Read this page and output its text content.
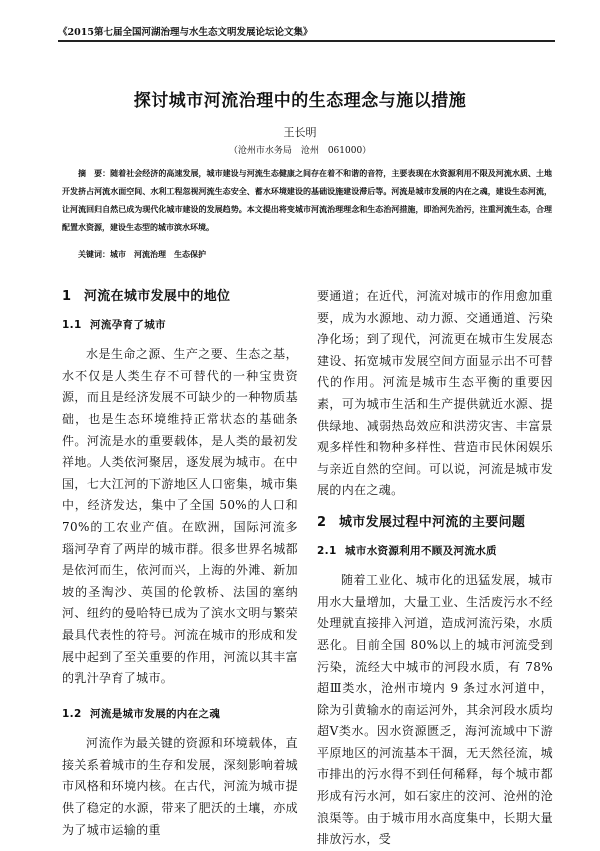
《2015第七届全国河湖治理与水生态文明发展论坛论文集》
探讨城市河流治理中的生态理念与施以措施
王长明
（沧州市水务局　沧州　061000）
摘　要：随着社会经济的高速发展，城市建设与河流生态健康之间存在着不和谐的音符，主要表现在水资源利用不限及河流水质、土地开发挤占河流水面空间、水利工程忽视河流生态安全、蓄水环境建设的基础设施建设滞后等。河流是城市发展的内在之魂，建设生态河流，让河流回归自然已成为现代化城市建设的发展趋势。本文提出将变城市河流治理理念和生态治河措施，即治河先治污，注重河流生态，合理配置水资源，建设生态型的城市滨水环境。
关键词：城市　河流治理　生态保护
1 河流在城市发展中的地位
1.1 河流孕育了城市

水是生命之源、生产之要、生态之基，水不仅是人类生存不可替代的一种宝贵资源，而且是经济发展不可缺少的一种物质基础，也是生态环境维持正常状态的基础条件。河流是水的重要载体，是人类的最初发祥地。人类依河聚居，逐发展为城市。在中国，七大江河的下游地区人口密集，城市集中，经济发达，集中了全国 50%的人口和 70%的工农业产值。在欧洲，国际河流多瑙河孕育了两岸的城市群。很多世界名城都是依河而生，依河而兴，上海的外滩、新加坡的圣淘沙、英国的伦敦桥、法国的塞纳河、纽约的曼哈特已成为了滨水文明与繁荣最具代表性的符号。河流在城市的形成和发展中起到了至关重要的作用，河流以其丰富的乳汁孕育了城市。

1.2 河流是城市发展的内在之魂

河流作为最关键的资源和环境载体，直接关系着城市的生存和发展，深刻影响着城市风格和环境内核。在古代，河流为城市提供了稳定的水源，带来了肥沃的土壤，亦成为了城市运输的重

要通道；在近代，河流对城市的作用愈加重要，成为水源地、动力源、交通通道、污染净化场；到了现代，河流更在城市生发展态建设、拓宽城市发展空间方面显示出不可替代的作用。河流是城市生态平衡的重要因素，可为城市生活和生产提供就近水源、提供绿地、减弱热岛效应和洪涝灾害、丰富景观多样性和物种多样性、营造市民休闲娱乐与亲近自然的空间。可以说，河流是城市发展的内在之魂。

2 城市发展过程中河流的主要问题
2.1 城市水资源利用不顾及河流水质

随着工业化、城市化的迅猛发展，城市用水大量增加，大量工业、生活废污水不经处理就直接排入河道，造成河流污染，水质恶化。目前全国 80%以上的城市河流受到污染，流经大中城市的河段水质，有 78%超Ⅲ类水，沧州市境内 9 条过水河道中，除为引黄输水的南运河外，其余河段水质均超Ⅴ类水。因水资源匮乏，海河流域中下游平原地区的河流基本干涸，无天然径流，城市排出的污水得不到任何稀释，每个城市都形成有污水河，如石家庄的洨河、沧州的沧浪渠等。由于城市用水高度集中，长期大量排放污水，受
